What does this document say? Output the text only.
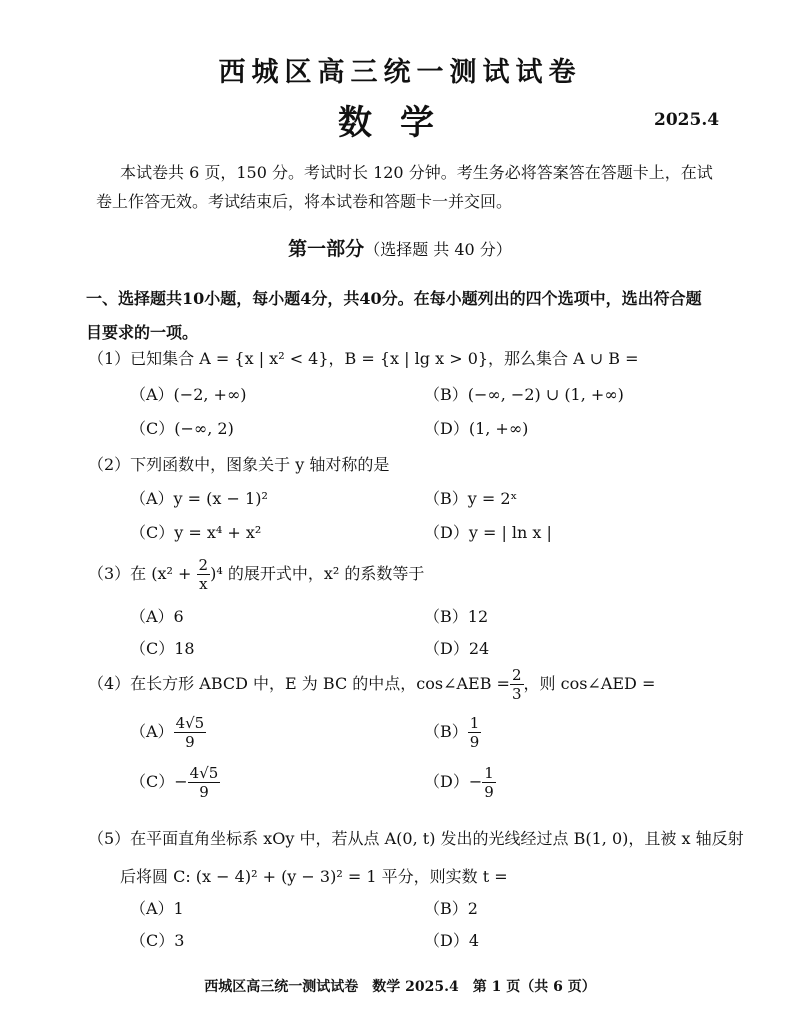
西城区高三统一测试试卷
数学	2025.4
本试卷共 6 页，150 分。考试时长 120 分钟。考生务必将答案答在答题卡上，在试卷上作答无效。考试结束后，将本试卷和答题卡一并交回。
第一部分（选择题 共 40 分）
一、选择题共10小题，每小题4分，共40分。在每小题列出的四个选项中，选出符合题目要求的一项。
（1）已知集合 A = {x | x² < 4}，B = {x | lg x > 0}，那么集合 A ∪ B =
（A）(−2, +∞)	（B）(−∞, −2) ∪ (1, +∞)
（C）(−∞, 2)	（D）(1, +∞)
（2）下列函数中，图象关于 y 轴对称的是
（A）y = (x − 1)²	（B）y = 2ˣ
（C）y = x⁴ + x²	（D）y = | ln x |
（3）在 $(x^2 + \frac{2}{x} )^4$ 的展开式中，x² 的系数等于
（A）6	（B）12
（C）18	（D）24
（4）在长方形 ABCD 中，E 为 BC 的中点，cos∠AEB = $\frac{2}{3}$ ，则 cos∠AED =
$(A) \frac{4√5}{9}$	$(B) \frac{1}{9}$
$(C)- \frac{4√5}{9}$	$(D)- \frac{1}{9}$
（5）在平面直角坐标系 xOy 中，若从点 A(0, t) 发出的光线经过点 B(1, 0)，且被 x 轴反射
后将圆 C: (x − 4)² + (y − 3)² = 1 平分，则实数 t =
（A）1	（B）2
（C）3	（D）4
西城区高三统一测试试卷　数学 2025.4　第 1 页（共 6 页）
